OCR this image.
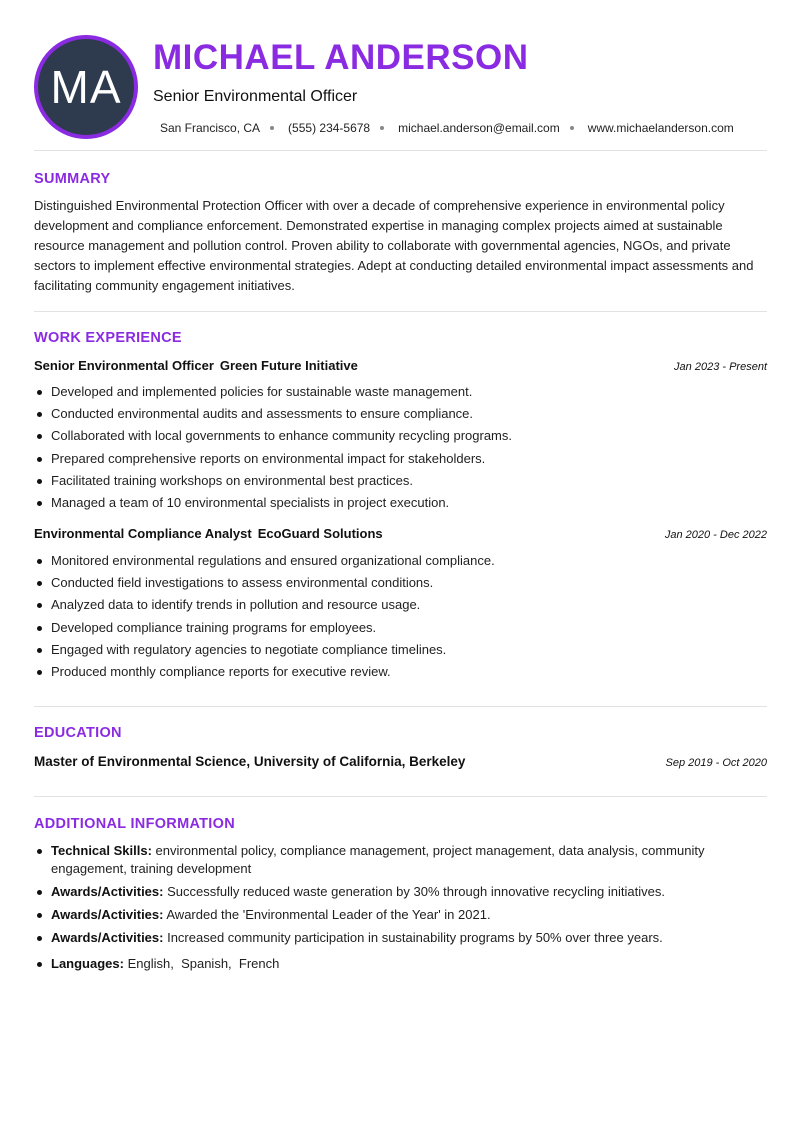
MA
MICHAEL ANDERSON
Senior Environmental Officer
San Francisco, CA (555) 234-5678 michael.anderson@email.com www.michaelanderson.com
SUMMARY

Distinguished Environmental Protection Officer with over a decade of comprehensive experience in environmental policy development and compliance enforcement. Demonstrated expertise in managing complex projects aimed at sustainable resource management and pollution control. Proven ability to collaborate with governmental agencies, NGOs, and private sectors to implement effective environmental strategies. Adept at conducting detailed environmental impact assessments and facilitating community engagement initiatives.

WORK EXPERIENCE
Senior Environmental Officer Green Future Initiative	Jan 2023 - Present
Developed and implemented policies for sustainable waste management.
Conducted environmental audits and assessments to ensure compliance.
Collaborated with local governments to enhance community recycling programs.
Prepared comprehensive reports on environmental impact for stakeholders.
Facilitated training workshops on environmental best practices.
Managed a team of 10 environmental specialists in project execution.
Environmental Compliance Analyst EcoGuard Solutions	Jan 2020 - Dec 2022
Monitored environmental regulations and ensured organizational compliance.
Conducted field investigations to assess environmental conditions.
Analyzed data to identify trends in pollution and resource usage.
Developed compliance training programs for employees.
Engaged with regulatory agencies to negotiate compliance timelines.
Produced monthly compliance reports for executive review.
EDUCATION
Master of Environmental Science, University of California, Berkeley	Sep 2019 - Oct 2020
ADDITIONAL INFORMATION
Technical Skills: environmental policy, compliance management, project management, data analysis, community engagement, training development
Awards/Activities: Successfully reduced waste generation by 30% through innovative recycling initiatives.
Awards/Activities: Awarded the 'Environmental Leader of the Year' in 2021.
Awards/Activities: Increased community participation in sustainability programs by 50% over three years.
Languages: English,  Spanish,  French
